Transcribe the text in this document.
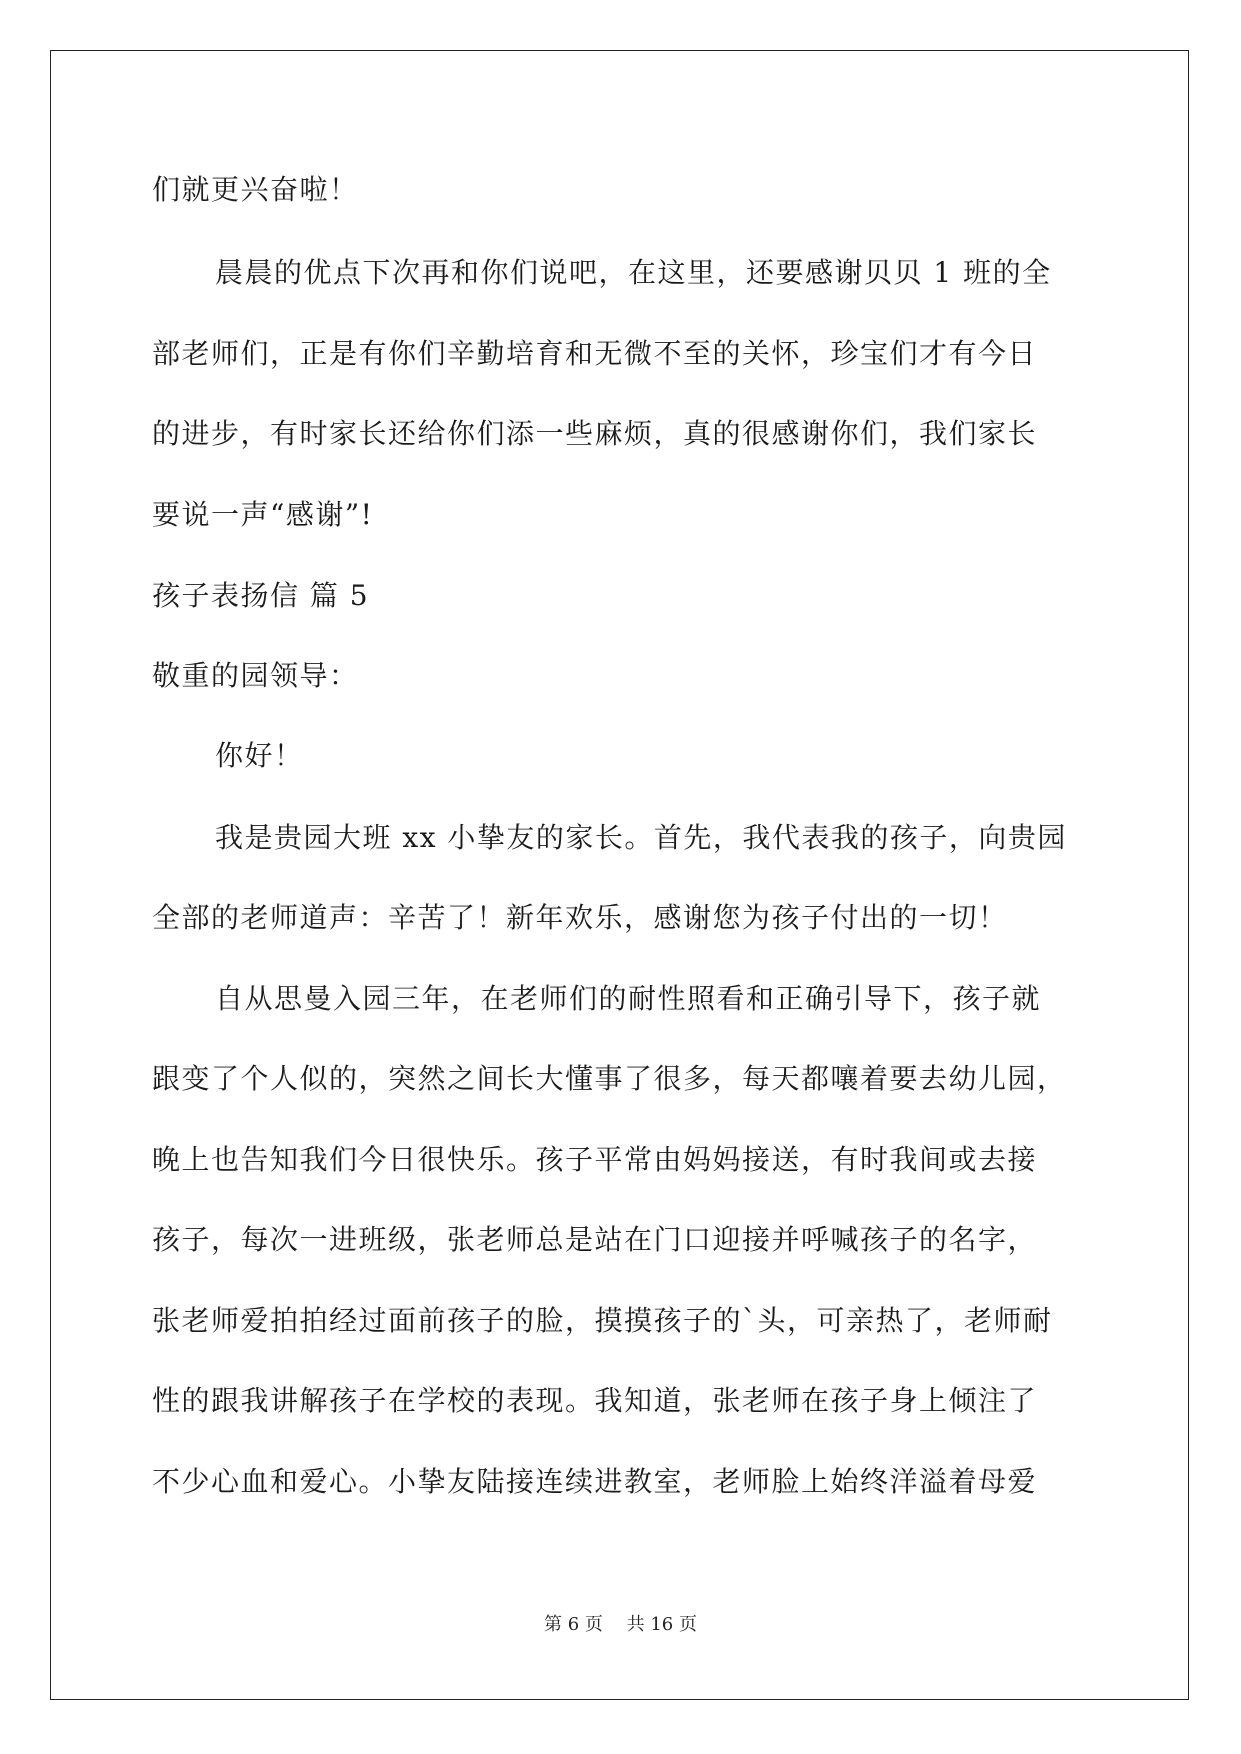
们就更兴奋啦！
晨晨的优点下次再和你们说吧，在这里，还要感谢贝贝 1 班的全
部老师们，正是有你们辛勤培育和无微不至的关怀，珍宝们才有今日
的进步，有时家长还给你们添一些麻烦，真的很感谢你们，我们家长
要说一声“感谢”!
孩子表扬信 篇 5
敬重的园领导：
你好！
我是贵园大班 xx 小挚友的家长。首先，我代表我的孩子，向贵园
全部的老师道声：辛苦了！新年欢乐，感谢您为孩子付出的一切！
自从思曼入园三年，在老师们的耐性照看和正确引导下，孩子就
跟变了个人似的，突然之间长大懂事了很多，每天都嚷着要去幼儿园，
晚上也告知我们今日很快乐。孩子平常由妈妈接送，有时我间或去接
孩子，每次一进班级，张老师总是站在门口迎接并呼喊孩子的名字，
张老师爱拍拍经过面前孩子的脸，摸摸孩子的`头，可亲热了，老师耐
性的跟我讲解孩子在学校的表现。我知道，张老师在孩子身上倾注了
不少心血和爱心。小挚友陆接连续进教室，老师脸上始终洋溢着母爱
第 6 页　 共 16 页
